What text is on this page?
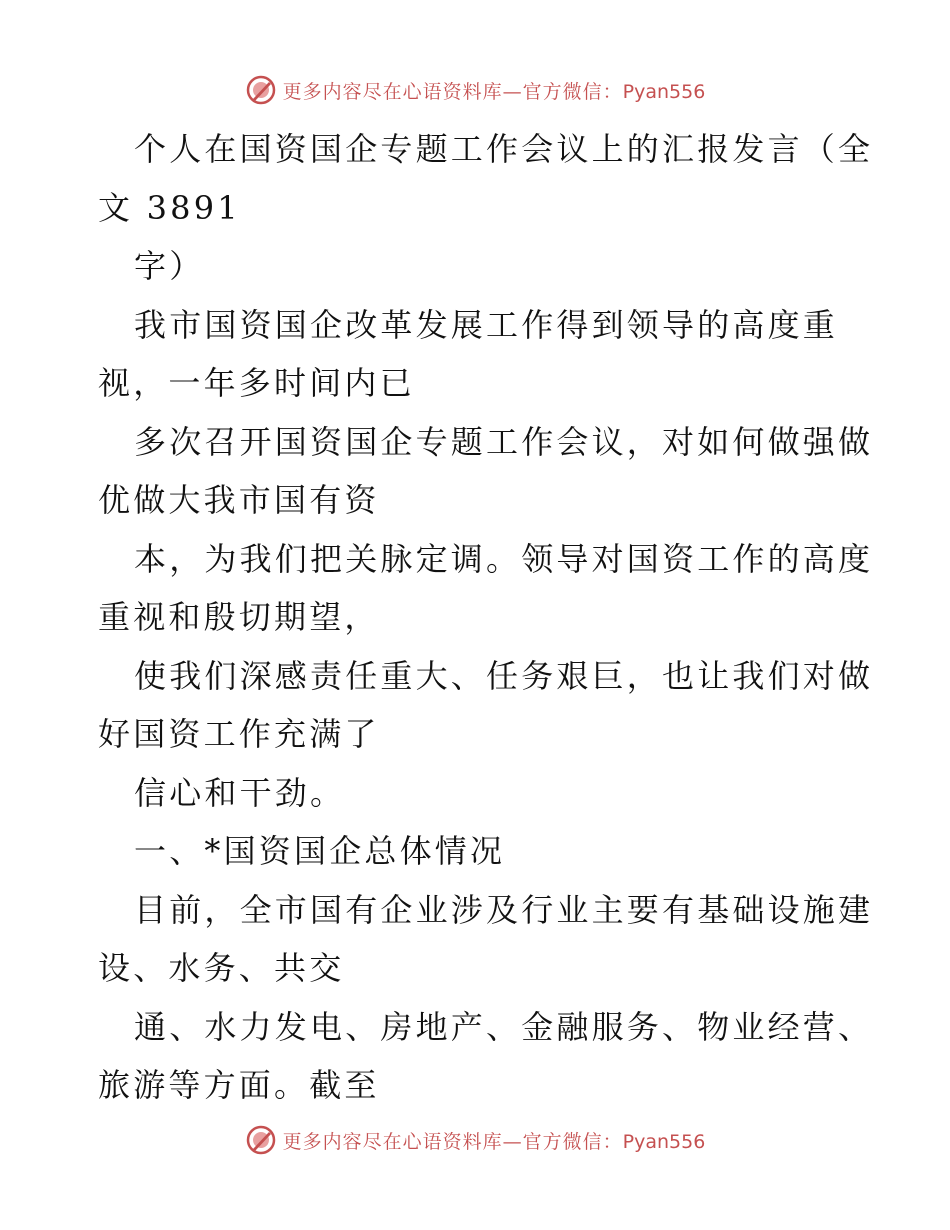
更多内容尽在心语资料库—官方微信：Pyan556
个人在国资国企专题工作会议上的汇报发言（全
文 3891
字）
我市国资国企改革发展工作得到领导的高度重
视，一年多时间内已
多次召开国资国企专题工作会议，对如何做强做
优做大我市国有资
本，为我们把关脉定调。领导对国资工作的高度
重视和殷切期望，
使我们深感责任重大、任务艰巨，也让我们对做
好国资工作充满了
信心和干劲。
一、*国资国企总体情况
目前，全市国有企业涉及行业主要有基础设施建
设、水务、共交
通、水力发电、房地产、金融服务、物业经营、
旅游等方面。截至
更多内容尽在心语资料库—官方微信：Pyan556
